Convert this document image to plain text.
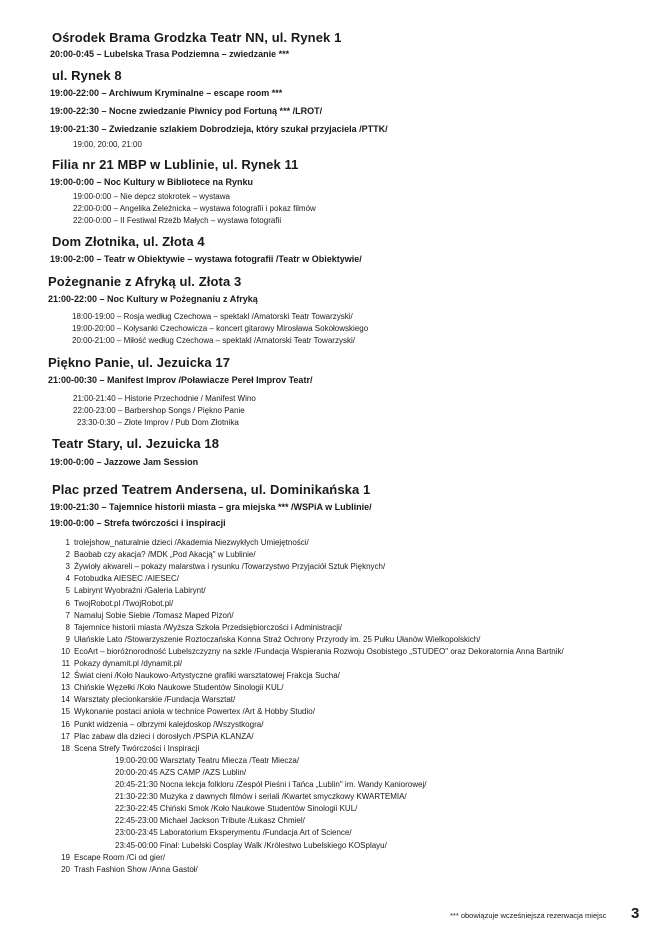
Ośrodek Brama Grodzka Teatr NN, ul. Rynek 1
20:00-0:45 – Lubelska Trasa Podziemna – zwiedzanie ***
ul. Rynek 8
19:00-22:00 – Archiwum Kryminalne – escape room ***
19:00-22:30 – Nocne zwiedzanie Piwnicy pod Fortuną *** /LROT/
19:00-21:30 – Zwiedzanie szlakiem Dobrodzieja, który szukał przyjaciela /PTTK/
19:00, 20:00, 21:00
Filia nr 21 MBP w Lublinie, ul. Rynek 11
19:00-0:00 – Noc Kultury w Bibliotece na Rynku
19:00-0:00 – Nie depcz stokrotek – wystawa
22:00-0:00 – Angelika Żeleźnicka – wystawa fotografii i pokaz filmów
22:00-0:00 – II Festiwal Rzeźb Małych – wystawa fotografii
Dom Złotnika, ul. Złota 4
19:00-2:00 – Teatr w Obiektywie – wystawa fotografii /Teatr w Obiektywie/
Pożegnanie z Afryką ul. Złota 3
21:00-22:00 – Noc Kultury w Pożegnaniu z Afryką
18:00-19:00 – Rosja według Czechowa – spektakl /Amatorski Teatr Towarzyski/
19:00-20:00 – Kołysanki Czechowicza – koncert gitarowy Mirosława Sokołowskiego
20:00-21:00 – Miłość według Czechowa – spektakl /Amatorski Teatr Towarzyski/
Piękno Panie, ul. Jezuicka 17
21:00-00:30 – Manifest Improv /Poławiacze Pereł Improv Teatr/
21:00-21:40 – Historie Przechodnie / Manifest Wino
22:00-23:00 – Barbershop Songs / Piękno Panie
23:30-0:30 – Złote Improv / Pub Dom Złotnika
Teatr Stary, ul. Jezuicka 18
19:00-0:00 – Jazzowe Jam Session
Plac przed Teatrem Andersena, ul. Dominikańska 1
19:00-21:30 – Tajemnice historii miasta – gra miejska *** /WSPiA w Lublinie/
19:00-0:00 – Strefa twórczości i inspiracji
1 trolejshow_naturalnie dzieci /Akademia Niezwykłych Umiejętności/
2 Baobab czy akacja? /MDK „Pod Akacją" w Lublinie/
3 Żywioły akwareli – pokazy malarstwa i rysunku /Towarzystwo Przyjaciół Sztuk Pięknych/
4 Fotobudka AIESEC /AIESEC/
5 Labirynt Wyobraźni /Galeria Labirynt/
6 TwojRobot.pl /TwojRobot.pl/
7 Namaluj Sobie Siebie /Tomasz Maped Pizoń/
8 Tajemnice historii miasta /Wyższa Szkoła Przedsiębiorczości i Administracji/
9 Ułańskie Lato /Stowarzyszenie Roztoczańska Konna Straż Ochrony Przyrody im. 25 Pułku Ułanów Wielkopolskich/
10 EcoArt – bioróżnorodność Lubelszczyzny na szkle /Fundacja Wspierania Rozwoju Osobistego „STUDEO" oraz Dekoratornia Anna Bartnik/
11 Pokazy dynamit.pl /dynamit.pl/
12 Świat cieni /Koło Naukowo-Artystyczne grafiki warsztatowej Frakcja Sucha/
13 Chińskie Węzełki /Koło Naukowe Studentów Sinologii KUL/
14 Warsztaty plecionkarskie /Fundacja Warsztat/
15 Wykonanie postaci anioła w technice Powertex /Art & Hobby Studio/
16 Punkt widzenia – olbrzymi kalejdoskop /Wszystkogra/
17 Plac zabaw dla dzieci i dorosłych /PSPiA KLANZA/
18 Scena Strefy Twórczości i Inspiracji
19:00-20:00 Warsztaty Teatru Miecza /Teatr Miecza/
20:00-20:45 AZS CAMP /AZS Lublin/
20:45-21:30 Nocna lekcja folkloru /Zespół Pieśni i Tańca „Lublin" im. Wandy Kaniorowej/
21:30-22:30 Muzyka z dawnych filmów i seriali /Kwartet smyczkowy KWARTEMIA/
22:30-22:45 Chiński Smok /Koło Naukowe Studentów Sinologii KUL/
22:45-23:00 Michael Jackson Tribute /Łukasz Chmiel/
23:00-23:45 Laboratorium Eksperymentu /Fundacja Art of Science/
23:45-00:00 Finał: Lubelski Cosplay Walk /Królestwo Lubelskiego KOSplayu/
19 Escape Room /Ci od gier/
20 Trash Fashion Show /Anna Gastoł/
*** obowiązuje wcześniejsza rezerwacja miejsc 3
